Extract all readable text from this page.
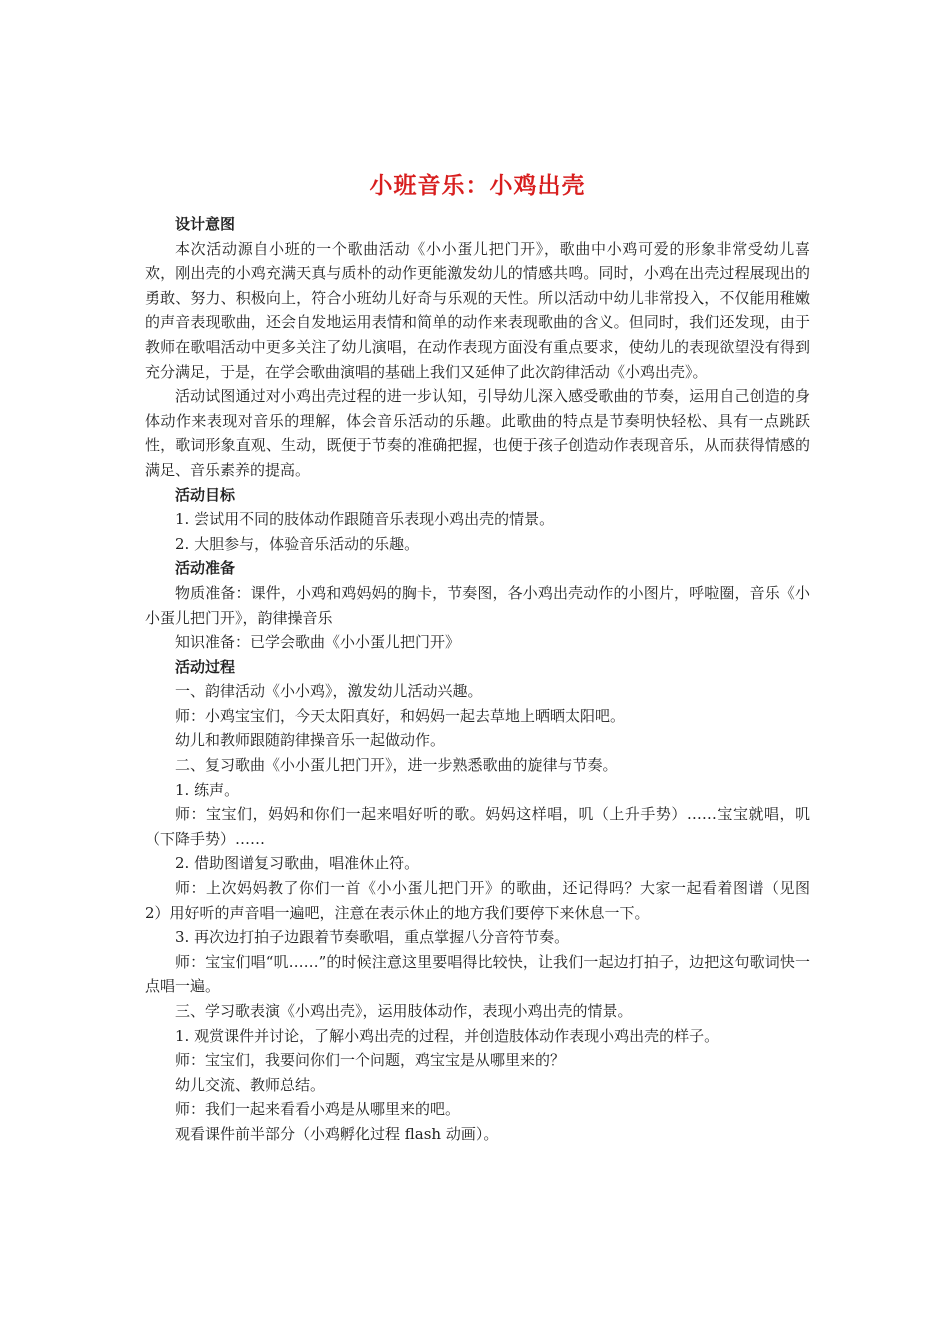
小班音乐：小鸡出壳

设计意图

本次活动源自小班的一个歌曲活动《小小蛋儿把门开》，歌曲中小鸡可爱的形象非常受幼儿喜欢，刚出壳的小鸡充满天真与质朴的动作更能激发幼儿的情感共鸣。同时，小鸡在出壳过程展现出的勇敢、努力、积极向上，符合小班幼儿好奇与乐观的天性。所以活动中幼儿非常投入，不仅能用稚嫩的声音表现歌曲，还会自发地运用表情和简单的动作来表现歌曲的含义。但同时，我们还发现，由于教师在歌唱活动中更多关注了幼儿演唱，在动作表现方面没有重点要求，使幼儿的表现欲望没有得到充分满足，于是，在学会歌曲演唱的基础上我们又延伸了此次韵律活动《小鸡出壳》。

活动试图通过对小鸡出壳过程的进一步认知，引导幼儿深入感受歌曲的节奏，运用自己创造的身体动作来表现对音乐的理解，体会音乐活动的乐趣。此歌曲的特点是节奏明快轻松、具有一点跳跃性，歌词形象直观、生动，既便于节奏的准确把握，也便于孩子创造动作表现音乐，从而获得情感的满足、音乐素养的提高。

活动目标

1. 尝试用不同的肢体动作跟随音乐表现小鸡出壳的情景。

2. 大胆参与，体验音乐活动的乐趣。

活动准备

物质准备：课件，小鸡和鸡妈妈的胸卡，节奏图，各小鸡出壳动作的小图片，呼啦圈，音乐《小小蛋儿把门开》，韵律操音乐

知识准备：已学会歌曲《小小蛋儿把门开》

活动过程

一、韵律活动《小小鸡》，激发幼儿活动兴趣。

师：小鸡宝宝们，今天太阳真好，和妈妈一起去草地上晒晒太阳吧。

幼儿和教师跟随韵律操音乐一起做动作。

二、复习歌曲《小小蛋儿把门开》，进一步熟悉歌曲的旋律与节奏。

1. 练声。

师：宝宝们，妈妈和你们一起来唱好听的歌。妈妈这样唱，叽（上升手势）……宝宝就唱，叽（下降手势）……

2. 借助图谱复习歌曲，唱准休止符。

师：上次妈妈教了你们一首《小小蛋儿把门开》的歌曲，还记得吗？大家一起看着图谱（见图 2）用好听的声音唱一遍吧，注意在表示休止的地方我们要停下来休息一下。

3. 再次边打拍子边跟着节奏歌唱，重点掌握八分音符节奏。

师：宝宝们唱“叽……”的时候注意这里要唱得比较快，让我们一起边打拍子，边把这句歌词快一点唱一遍。

三、学习歌表演《小鸡出壳》，运用肢体动作，表现小鸡出壳的情景。

1. 观赏课件并讨论，了解小鸡出壳的过程，并创造肢体动作表现小鸡出壳的样子。

师：宝宝们，我要问你们一个问题，鸡宝宝是从哪里来的？

幼儿交流、教师总结。

师：我们一起来看看小鸡是从哪里来的吧。

观看课件前半部分（小鸡孵化过程 flash 动画）。
